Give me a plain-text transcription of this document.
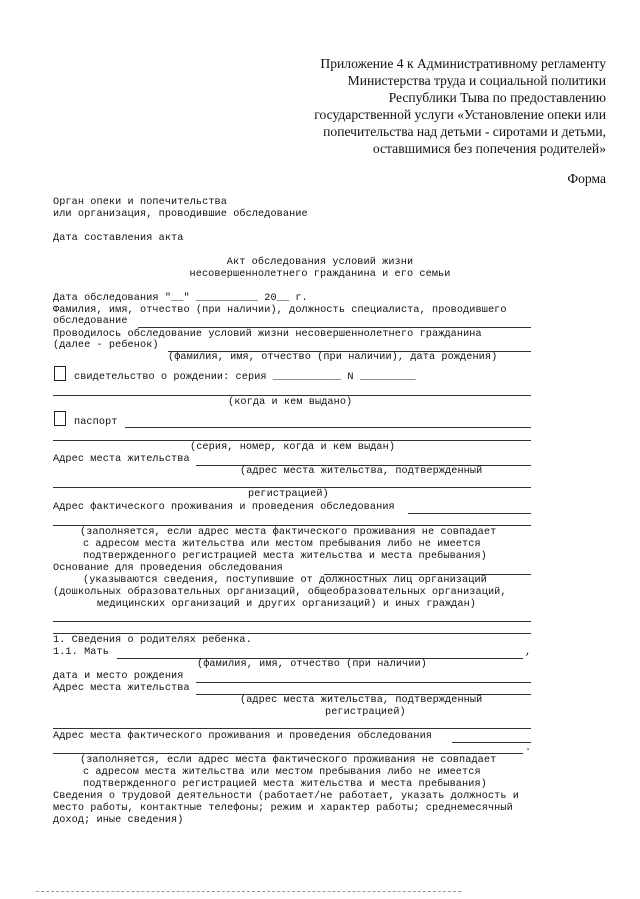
Приложение 4 к Административному регламенту
Министерства труда и социальной политики
Республики Тыва по предоставлению
государственной услуги «Установление опеки или
попечительства над детьми - сиротами и детьми,
оставшимися без попечения родителей»
Форма
Орган опеки и попечительства
или организация, проводившие обследование
Дата составления акта
Акт обследования условий жизни
несовершеннолетнего гражданина и его семьи
Дата обследования "__" __________ 20__ г.
Фамилия, имя, отчество (при наличии), должность специалиста, проводившего
обследование
Проводилось обследование условий жизни несовершеннолетнего гражданина
(далее - ребенок)
(фамилия, имя, отчество (при наличии), дата рождения)
свидетельство о рождении: серия ___________ N _________
(когда и кем выдано)
паспорт
(серия, номер, когда и кем выдан)
Адрес места жительства
(адрес места жительства, подтвержденный
регистрацией)
Адрес фактического проживания и проведения обследования
(заполняется, если адрес места фактического проживания не совпадает
с адресом места жительства или местом пребывания либо не имеется
подтвержденного регистрацией места жительства и места пребывания)
Основание для проведения обследования
(указываются сведения, поступившие от должностных лиц организаций
(дошкольных образовательных организаций, общеобразовательных организаций,
медицинских организаций и других организаций) и иных граждан)
1. Сведения о родителях ребенка.
1.1. Мать	,
(фамилия, имя, отчество (при наличии)
дата и место рождения
Адрес места жительства
(адрес места жительства, подтвержденный
регистрацией)
Адрес места фактического проживания и проведения обследования
.
(заполняется, если адрес места фактического проживания не совпадает
с адресом места жительства или местом пребывания либо не имеется
подтвержденного регистрацией места жительства и места пребывания)
Сведения о трудовой деятельности (работает/не работает, указать должность и
место работы, контактные телефоны; режим и характер работы; среднемесячный
доход; иные сведения)
